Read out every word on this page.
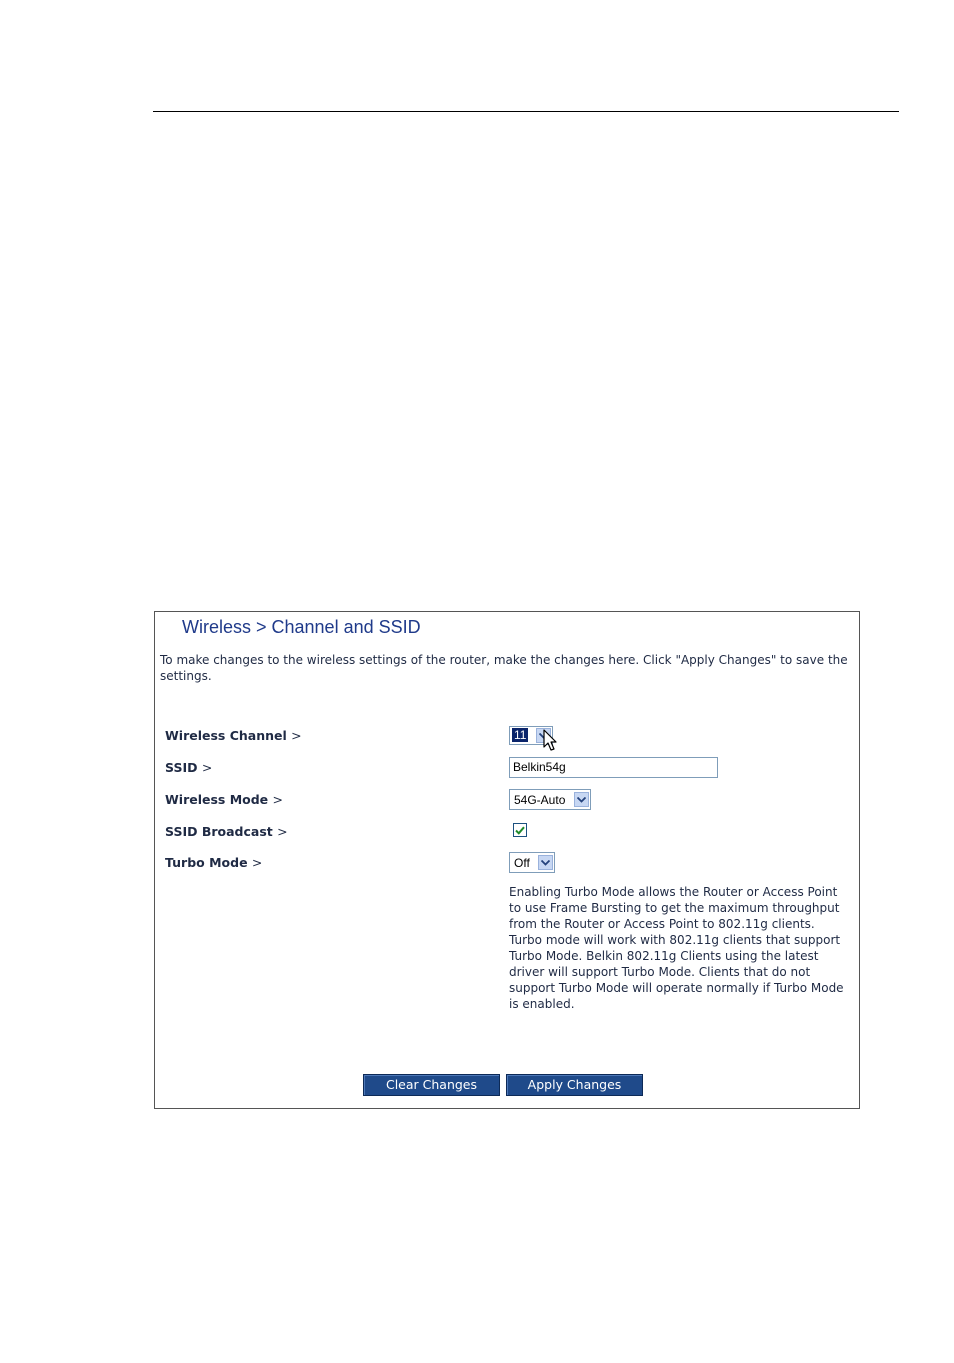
Wireless > Channel and SSID
To make changes to the wireless settings of the router, make the changes here. Click "Apply Changes" to save the settings.
Wireless Channel >	11
SSID >	Belkin54g
Wireless Mode >	54G-Auto
SSID Broadcast >
Turbo Mode >	Off
Enabling Turbo Mode allows the Router or Access Point to use Frame Bursting to get the maximum throughput from the Router or Access Point to 802.11g clients. Turbo mode will work with 802.11g clients that support Turbo Mode. Belkin 802.11g Clients using the latest driver will support Turbo Mode. Clients that do not support Turbo Mode will operate normally if Turbo Mode is enabled.
Clear Changes	Apply Changes
